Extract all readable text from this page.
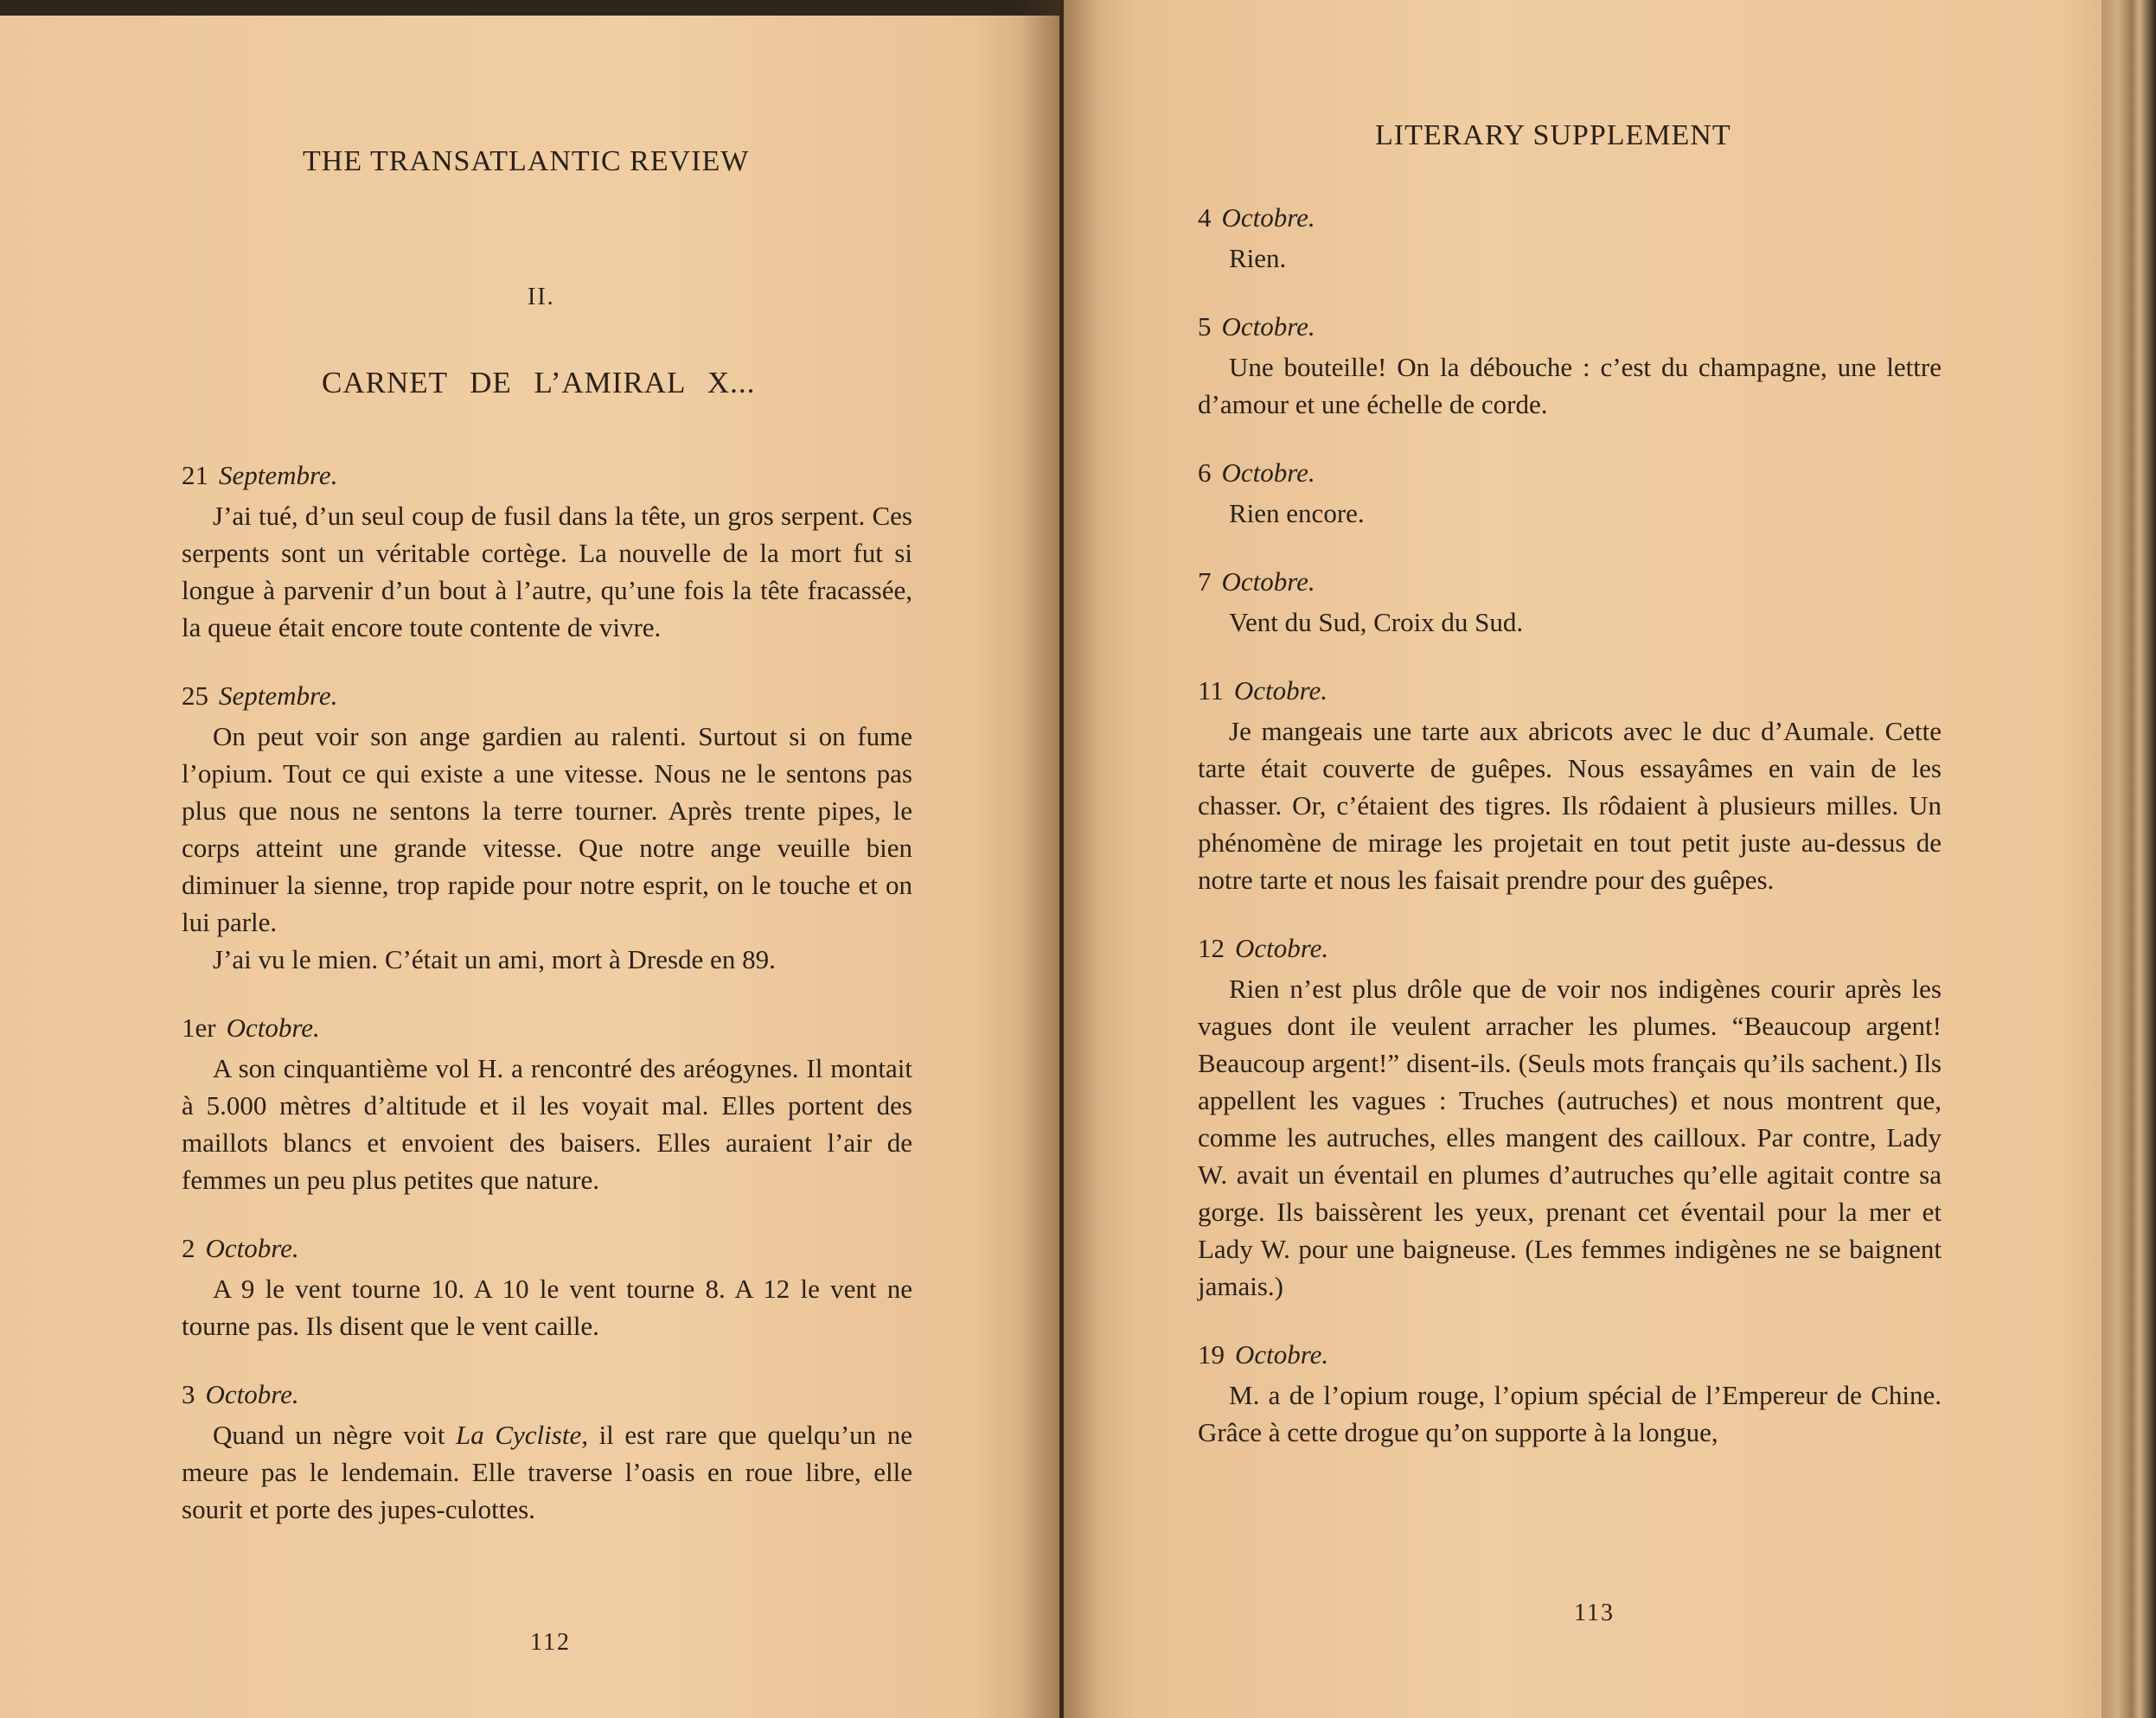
THE TRANSATLANTIC REVIEW
II.
CARNET DE L’AMIRAL X...
21 Septembre.

J’ai tué, d’un seul coup de fusil dans la tête, un gros serpent. Ces serpents sont un véritable cortège. La nouvelle de la mort fut si longue à parvenir d’un bout à l’autre, qu’une fois la tête fracassée, la queue était encore toute contente de vivre.

25 Septembre.

On peut voir son ange gardien au ralenti. Surtout si on fume l’opium. Tout ce qui existe a une vitesse. Nous ne le sentons pas plus que nous ne sentons la terre tourner. Après trente pipes, le corps atteint une grande vitesse. Que notre ange veuille bien diminuer la sienne, trop rapide pour notre esprit, on le touche et on lui parle.

J’ai vu le mien. C’était un ami, mort à Dresde en 89.

1er Octobre.

A son cinquantième vol H. a rencontré des aréogynes. Il montait à 5.000 mètres d’altitude et il les voyait mal. Elles portent des maillots blancs et envoient des baisers. Elles auraient l’air de femmes un peu plus petites que nature.

2 Octobre.

A 9 le vent tourne 10. A 10 le vent tourne 8. A 12 le vent ne tourne pas. Ils disent que le vent caille.

3 Octobre.

Quand un nègre voit La Cycliste, il est rare que quelqu’un ne meure pas le lendemain. Elle traverse l’oasis en roue libre, elle sourit et porte des jupes-culottes.

112
LITERARY SUPPLEMENT
4 Octobre.

Rien.

5 Octobre.

Une bouteille! On la débouche : c’est du champagne, une lettre d’amour et une échelle de corde.

6 Octobre.

Rien encore.

7 Octobre.

Vent du Sud, Croix du Sud.

11 Octobre.

Je mangeais une tarte aux abricots avec le duc d’Aumale. Cette tarte était couverte de guêpes. Nous essayâmes en vain de les chasser. Or, c’étaient des tigres. Ils rôdaient à plusieurs milles. Un phénomène de mirage les projetait en tout petit juste au-dessus de notre tarte et nous les faisait prendre pour des guêpes.

12 Octobre.

Rien n’est plus drôle que de voir nos indigènes courir après les vagues dont ile veulent arracher les plumes. “Beaucoup argent! Beaucoup argent!” disent-ils. (Seuls mots français qu’ils sachent.) Ils appellent les vagues : Truches (autruches) et nous montrent que, comme les autruches, elles mangent des cailloux. Par contre, Lady W. avait un éventail en plumes d’autruches qu’elle agitait contre sa gorge. Ils baissèrent les yeux, prenant cet éventail pour la mer et Lady W. pour une baigneuse. (Les femmes indigènes ne se baignent jamais.)

19 Octobre.

M. a de l’opium rouge, l’opium spécial de l’Empereur de Chine. Grâce à cette drogue qu’on supporte à la longue,

113
